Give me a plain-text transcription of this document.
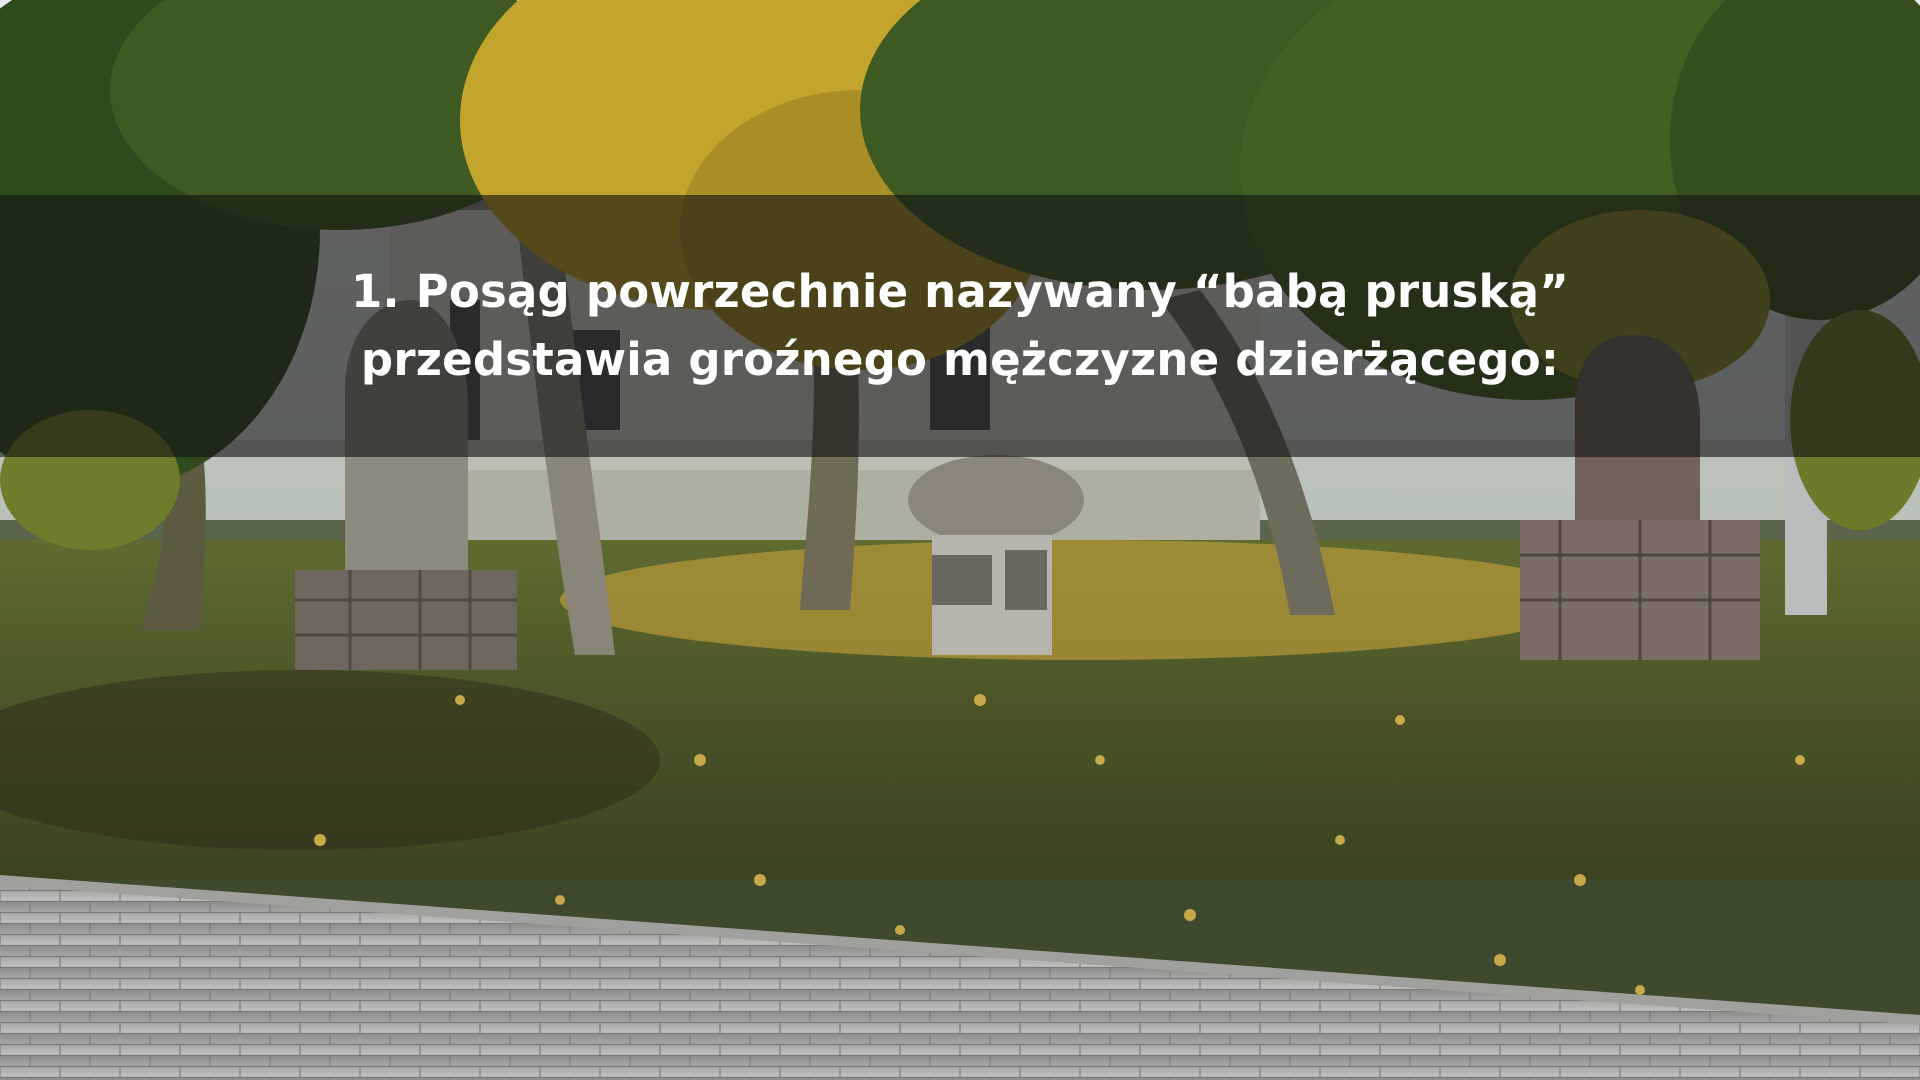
1. Posąg powrzechnie nazywany “babą pruską”
przedstawia groźnego mężczyzne dzierżącego:
